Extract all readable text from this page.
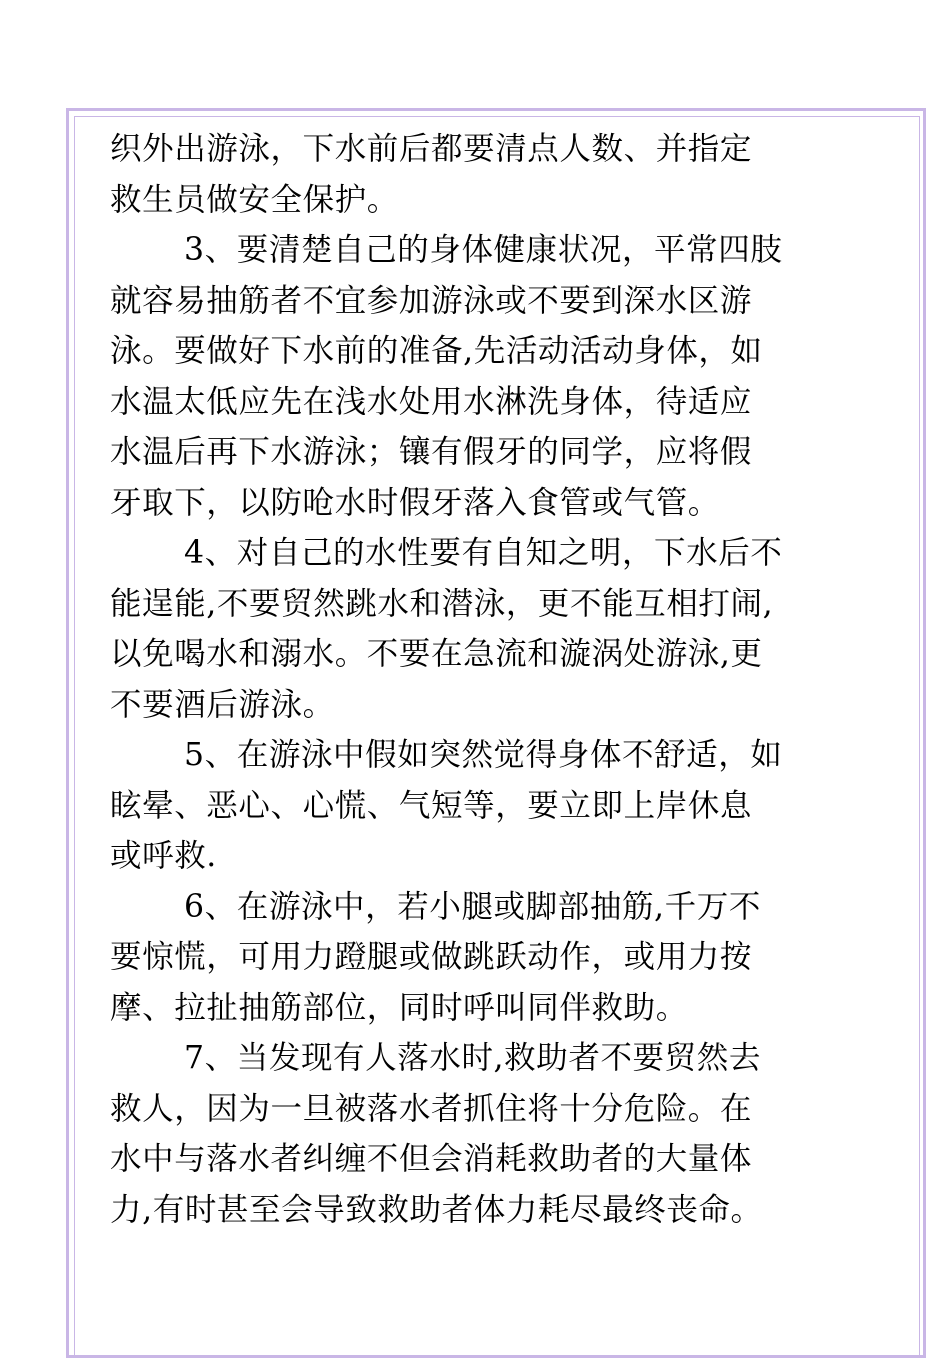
织外出游泳，下水前后都要清点人数、并指定
救生员做安全保护。
3、要清楚自己的身体健康状况，平常四肢
就容易抽筋者不宜参加游泳或不要到深水区游
泳。要做好下水前的准备,先活动活动身体，如
水温太低应先在浅水处用水淋洗身体，待适应
水温后再下水游泳；镶有假牙的同学，应将假
牙取下，以防呛水时假牙落入食管或气管。
4、对自己的水性要有自知之明，下水后不
能逞能,不要贸然跳水和潜泳，更不能互相打闹,
以免喝水和溺水。不要在急流和漩涡处游泳,更
不要酒后游泳。
5、在游泳中假如突然觉得身体不舒适，如
眩晕、恶心、心慌、气短等，要立即上岸休息
或呼救.
6、在游泳中，若小腿或脚部抽筋,千万不
要惊慌，可用力蹬腿或做跳跃动作，或用力按
摩、拉扯抽筋部位，同时呼叫同伴救助。
7、当发现有人落水时,救助者不要贸然去
救人，因为一旦被落水者抓住将十分危险。在
水中与落水者纠缠不但会消耗救助者的大量体
力,有时甚至会导致救助者体力耗尽最终丧命。
